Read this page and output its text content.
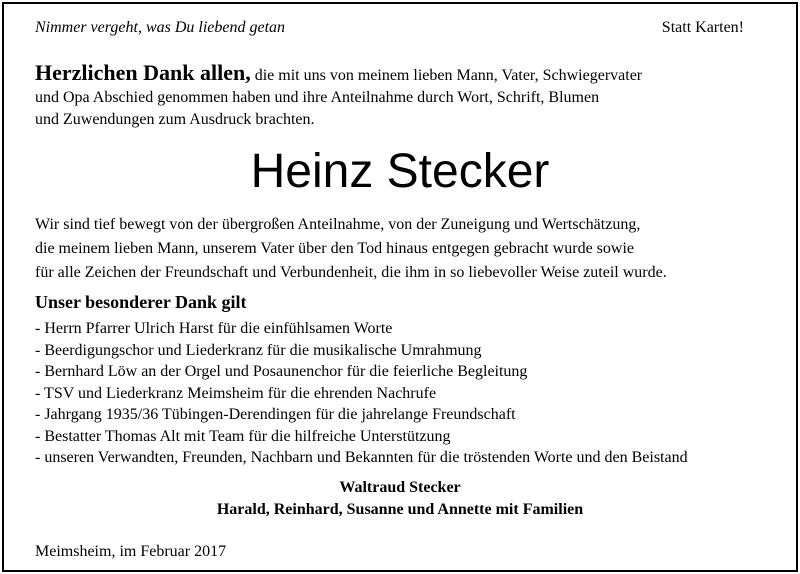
Nimmer vergeht, was Du liebend getan	Statt Karten!
Herzlichen Dank allen, die mit uns von meinem lieben Mann, Vater, Schwiegervater
und Opa Abschied genommen haben und ihre Anteilnahme durch Wort, Schrift, Blumen
und Zuwendungen zum Ausdruck brachten.
Heinz Stecker
Wir sind tief bewegt von der übergroßen Anteilnahme, von der Zuneigung und Wertschätzung,
die meinem lieben Mann, unserem Vater über den Tod hinaus entgegen gebracht wurde sowie
für alle Zeichen der Freundschaft und Verbundenheit, die ihm in so liebevoller Weise zuteil wurde.
Unser besonderer Dank gilt
- Herrn Pfarrer Ulrich Harst für die einfühlsamen Worte
- Beerdigungschor und Liederkranz für die musikalische Umrahmung
- Bernhard Löw an der Orgel und Posaunenchor für die feierliche Begleitung
- TSV und Liederkranz Meimsheim für die ehrenden Nachrufe
- Jahrgang 1935/36 Tübingen-Derendingen für die jahrelange Freundschaft
- Bestatter Thomas Alt mit Team für die hilfreiche Unterstützung
- unseren Verwandten, Freunden, Nachbarn und Bekannten für die tröstenden Worte und den Beistand
Waltraud Stecker
Harald, Reinhard, Susanne und Annette mit Familien
Meimsheim, im Februar 2017
